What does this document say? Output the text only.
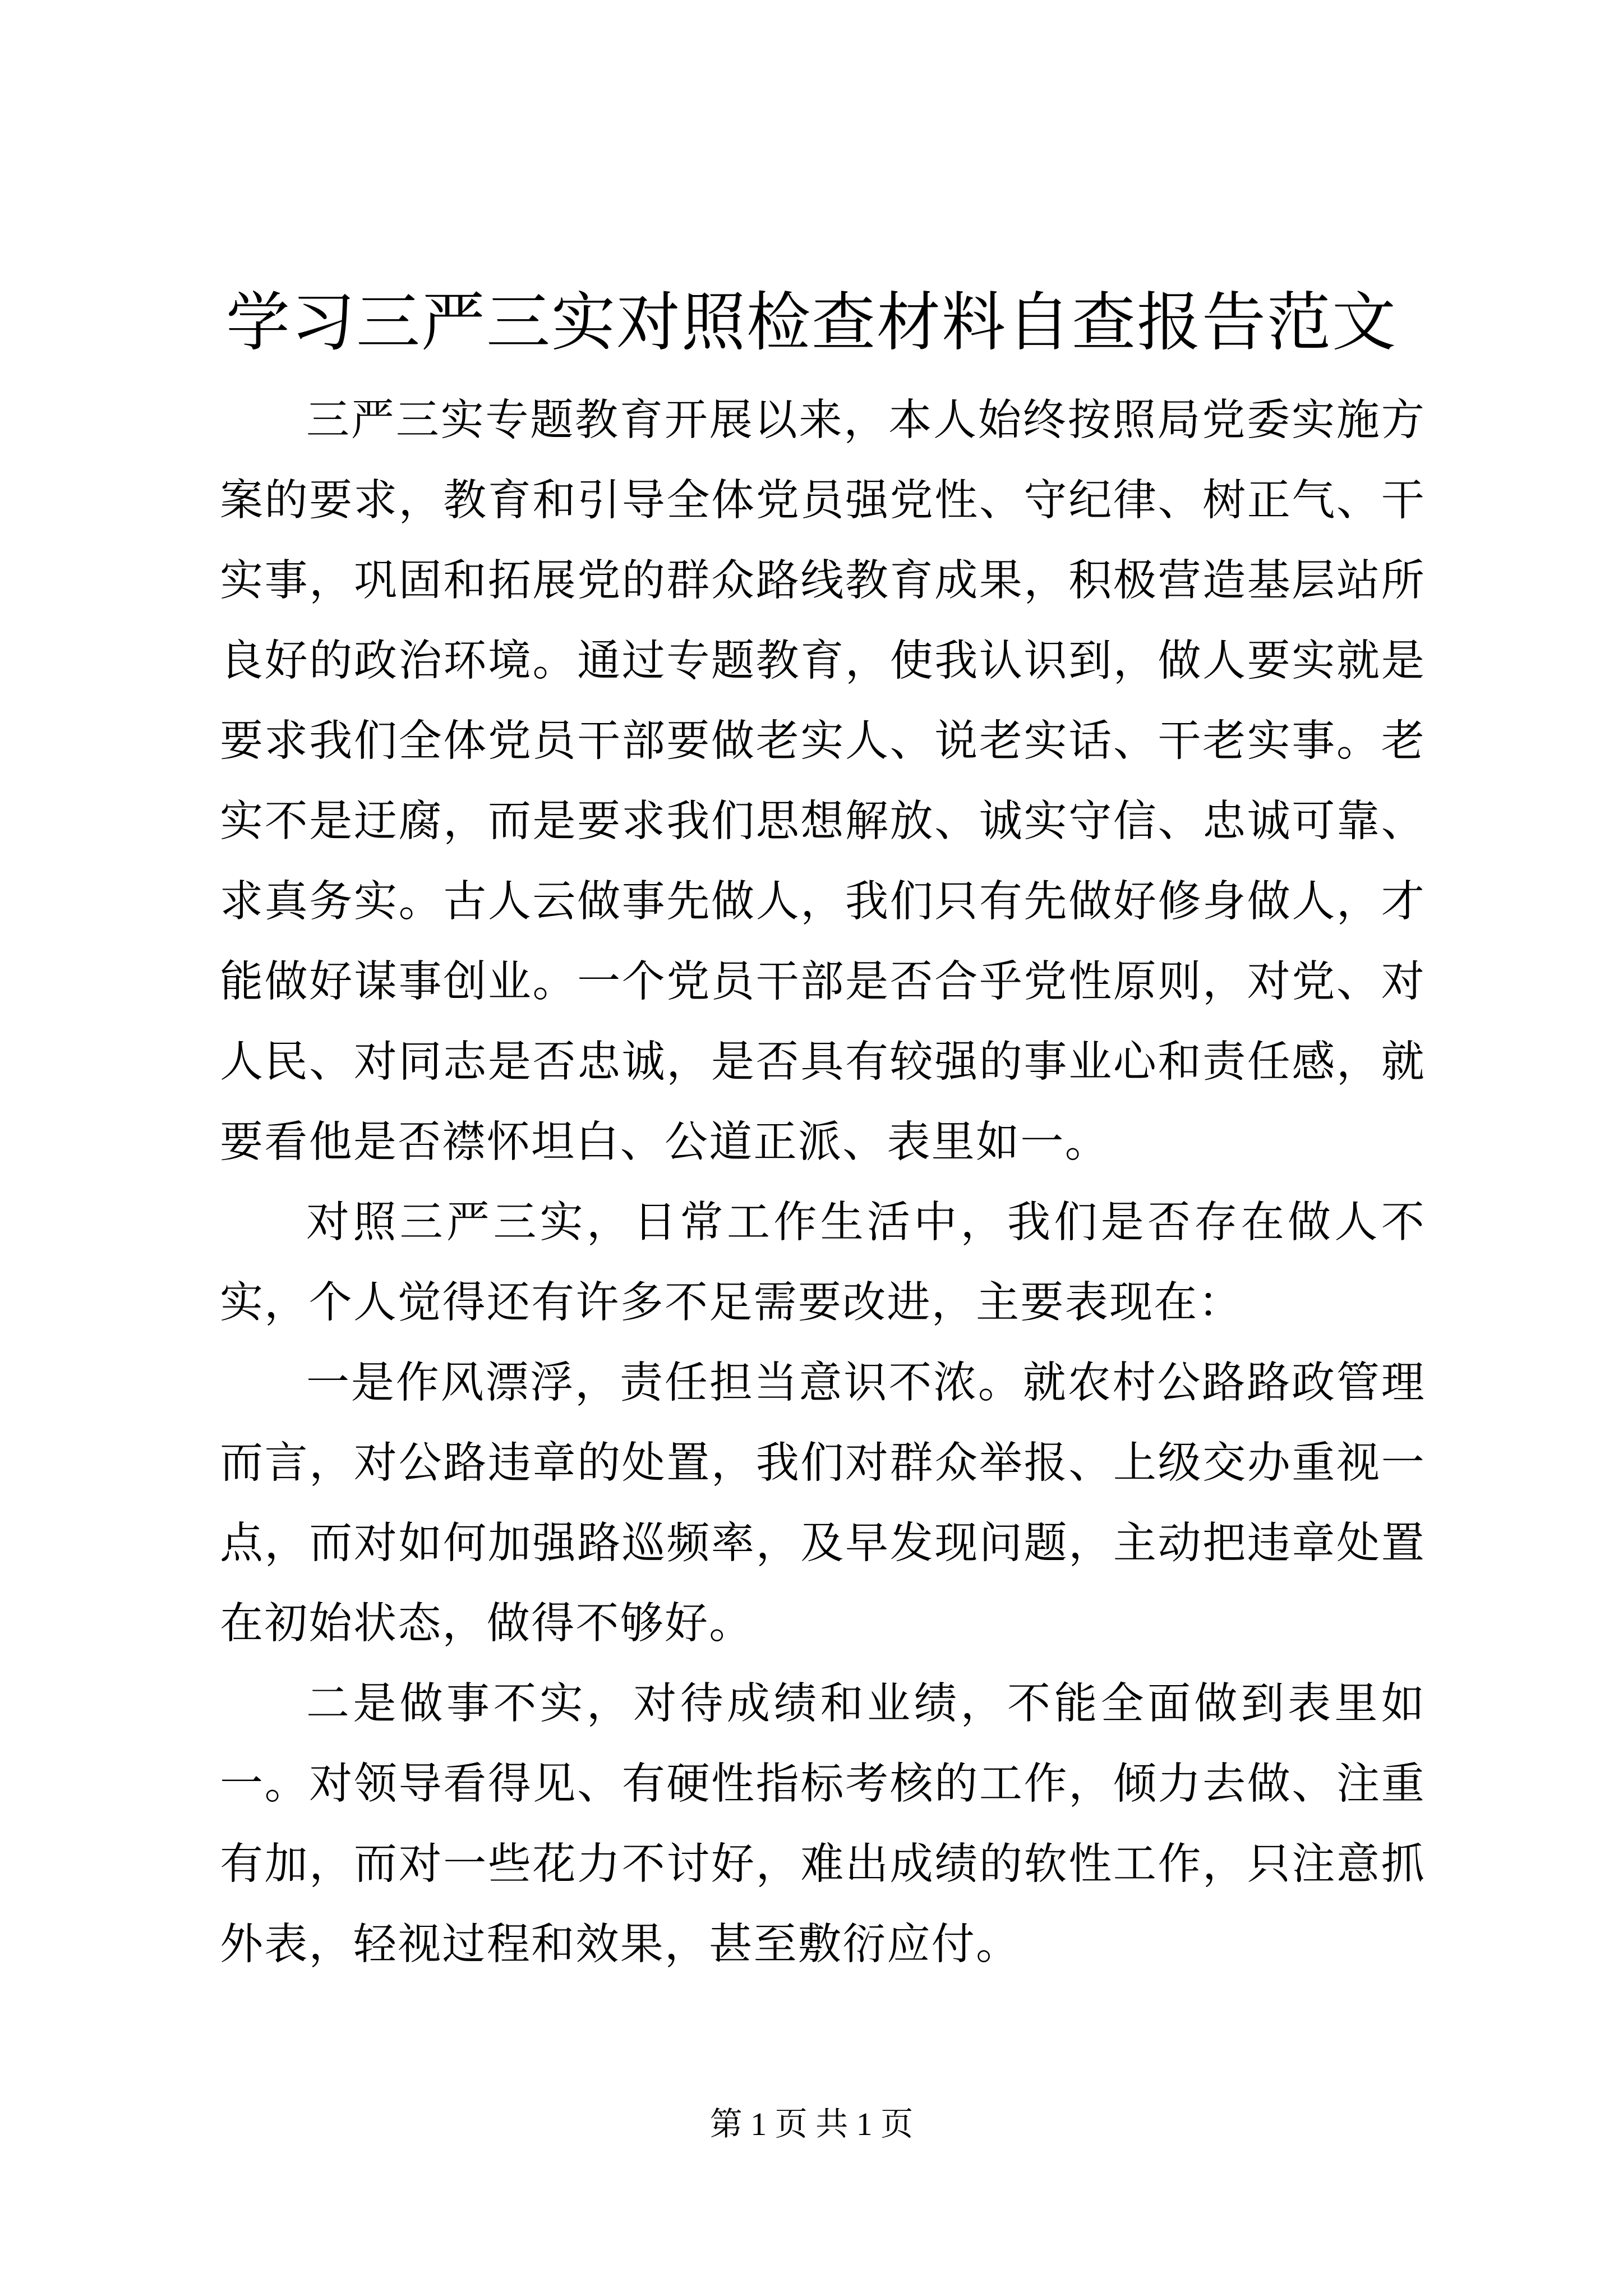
学习三严三实对照检查材料自查报告范文

三严三实专题教育开展以来，本人始终按照局党委实施方案的要求，教育和引导全体党员强党性、守纪律、树正气、干实事，巩固和拓展党的群众路线教育成果，积极营造基层站所良好的政治环境。通过专题教育，使我认识到，做人要实就是要求我们全体党员干部要做老实人、说老实话、干老实事。老实不是迂腐，而是要求我们思想解放、诚实守信、忠诚可靠、求真务实。古人云做事先做人，我们只有先做好修身做人，才能做好谋事创业。一个党员干部是否合乎党性原则，对党、对人民、对同志是否忠诚，是否具有较强的事业心和责任感，就要看他是否襟怀坦白、公道正派、表里如一。

对照三严三实，日常工作生活中，我们是否存在做人不实，个人觉得还有许多不足需要改进，主要表现在：

一是作风漂浮，责任担当意识不浓。就农村公路路政管理而言，对公路违章的处置，我们对群众举报、上级交办重视一点，而对如何加强路巡频率，及早发现问题，主动把违章处置在初始状态，做得不够好。

二是做事不实，对待成绩和业绩，不能全面做到表里如一。对领导看得见、有硬性指标考核的工作，倾力去做、注重有加，而对一些花力不讨好，难出成绩的软性工作，只注意抓外表，轻视过程和效果，甚至敷衍应付。

第 1 页 共 1 页
